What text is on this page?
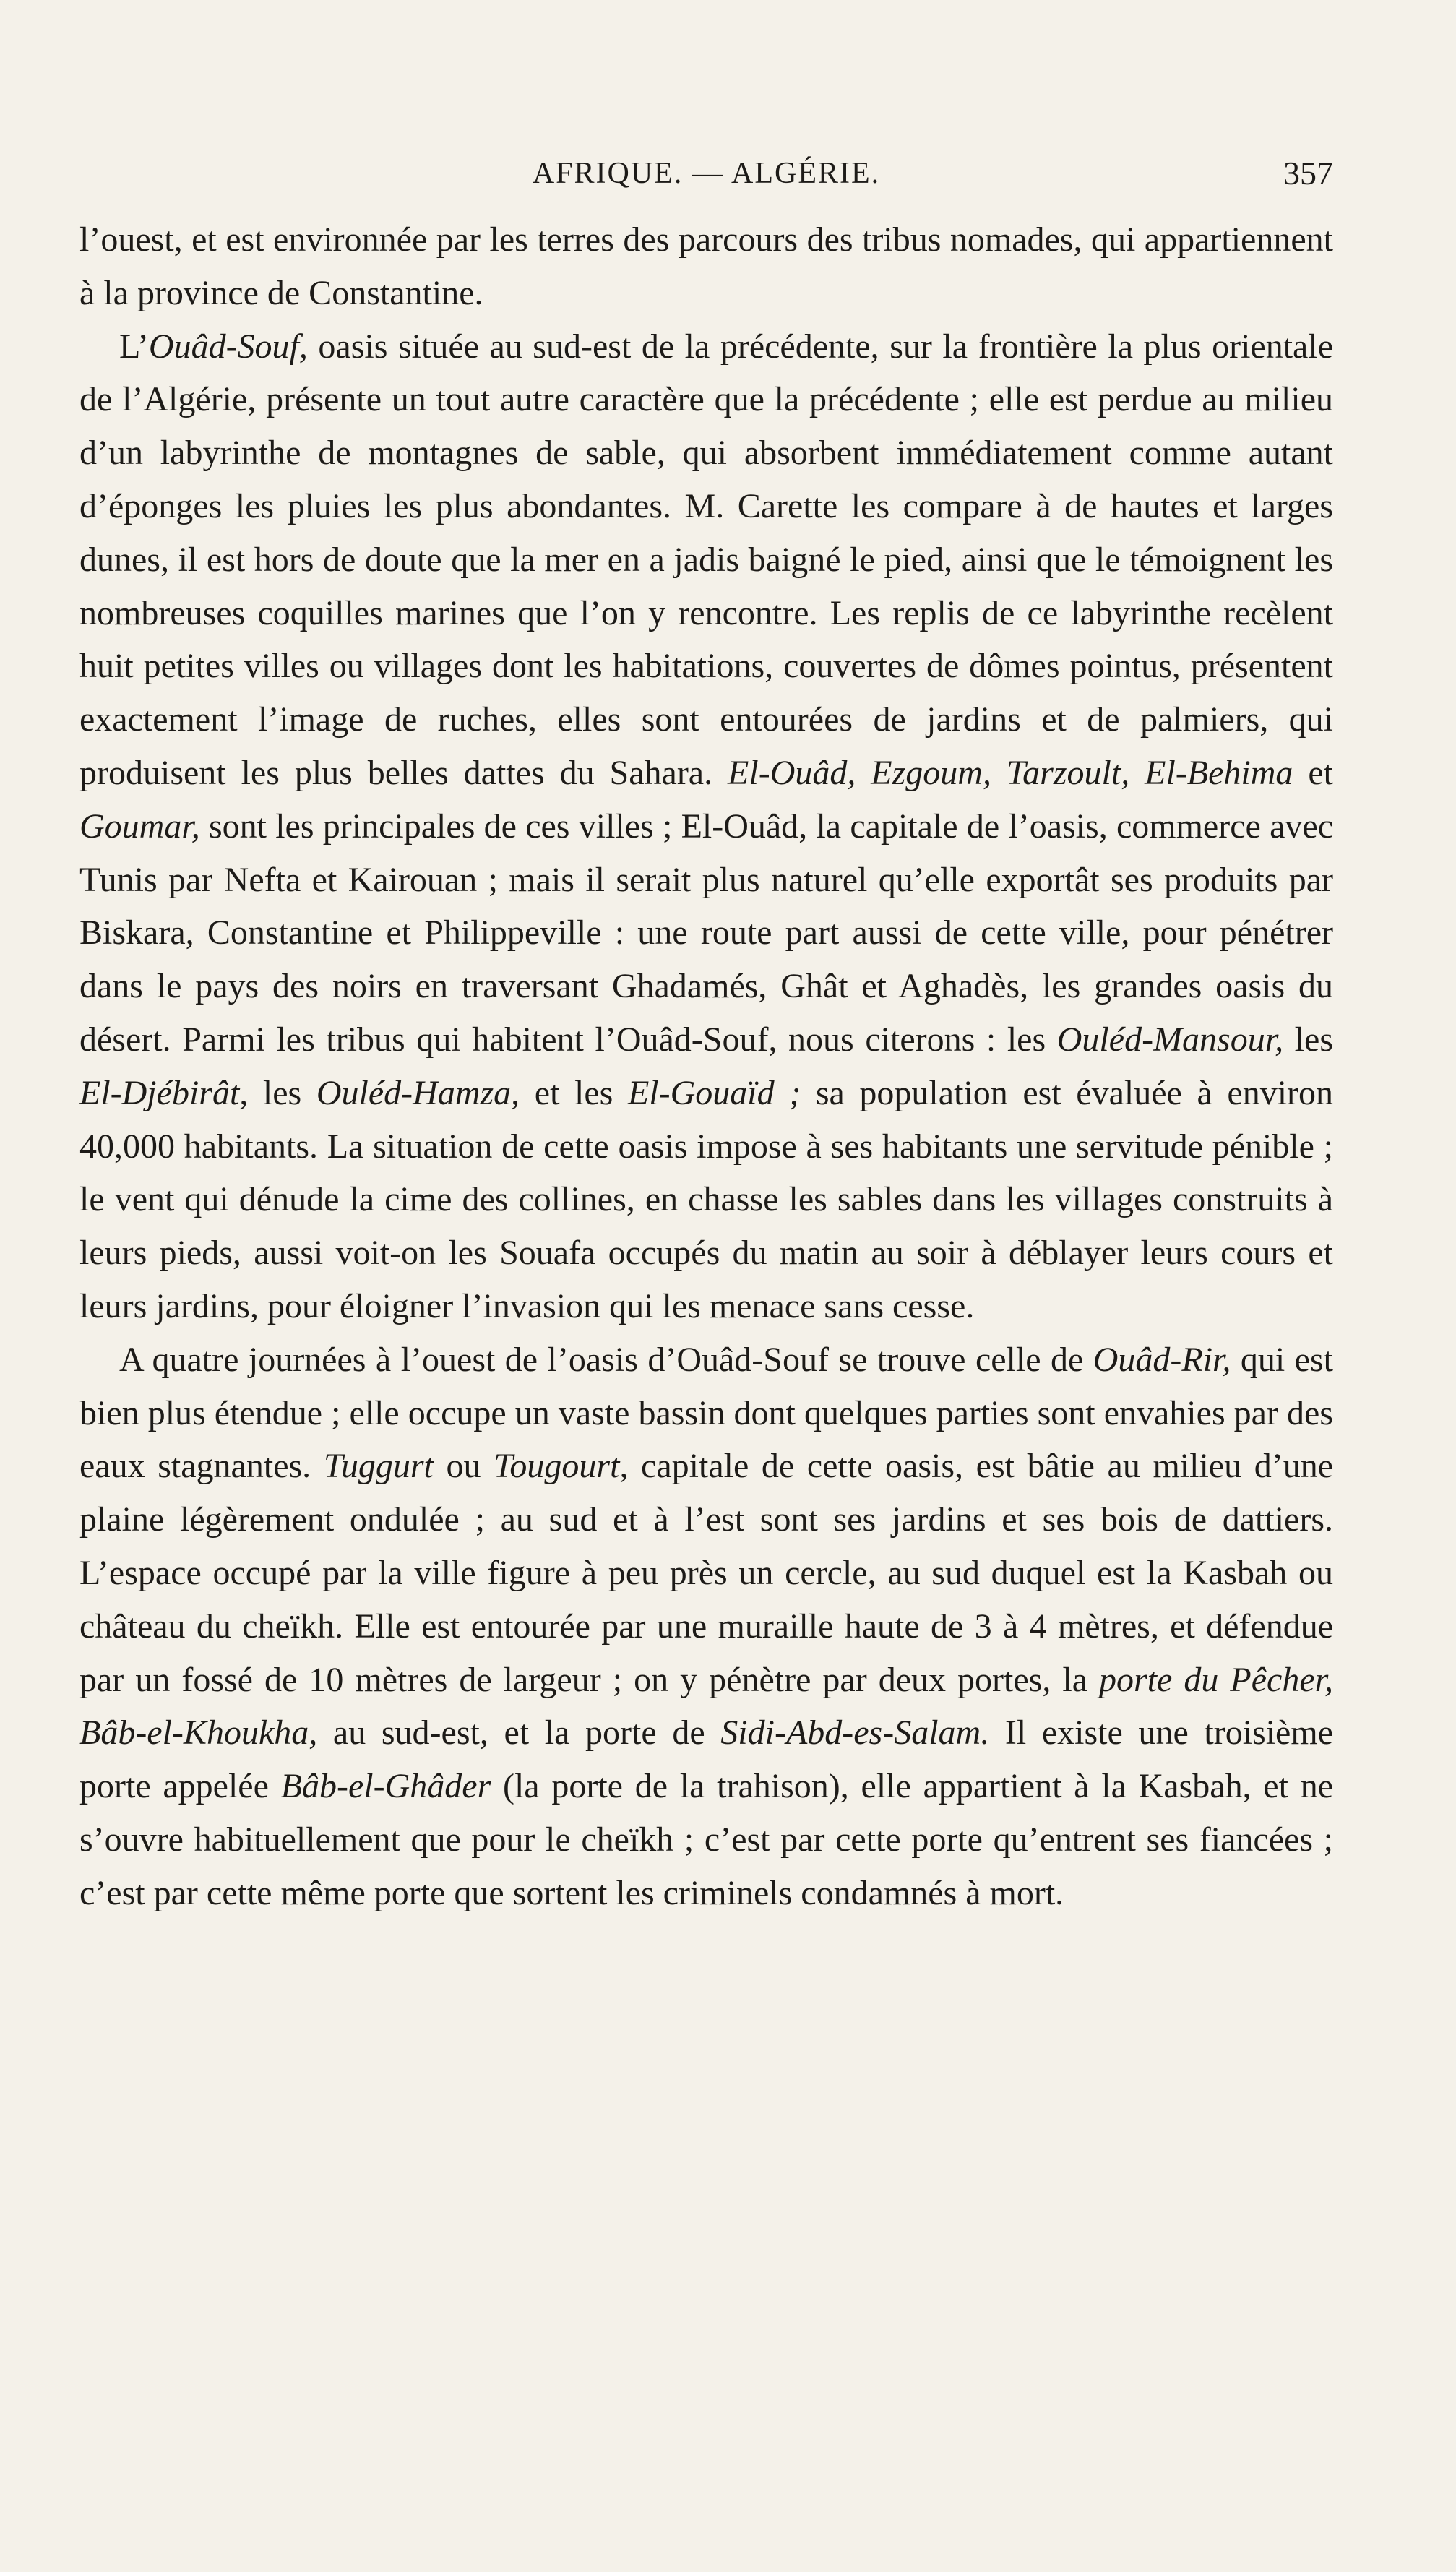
AFRIQUE. — ALGÉRIE.	357

l’ouest, et est environnée par les terres des parcours des tribus nomades, qui appartiennent à la province de Constantine.

L’Ouâd-Souf, oasis située au sud-est de la précédente, sur la frontière la plus orientale de l’Algérie, présente un tout autre caractère que la précédente ; elle est perdue au milieu d’un labyrinthe de montagnes de sable, qui absorbent immédiatement comme autant d’éponges les pluies les plus abondantes. M. Carette les compare à de hautes et larges dunes, il est hors de doute que la mer en a jadis baigné le pied, ainsi que le témoignent les nombreuses coquilles marines que l’on y rencontre. Les replis de ce labyrinthe recèlent huit petites villes ou villages dont les habitations, couvertes de dômes pointus, présentent exactement l’image de ruches, elles sont entourées de jardins et de palmiers, qui produisent les plus belles dattes du Sahara. El-Ouâd, Ezgoum, Tarzoult, El-Behima et Goumar, sont les principales de ces villes ; El-Ouâd, la capitale de l’oasis, commerce avec Tunis par Nefta et Kairouan ; mais il serait plus naturel qu’elle exportât ses produits par Biskara, Constantine et Philippeville : une route part aussi de cette ville, pour pénétrer dans le pays des noirs en traversant Ghadamés, Ghât et Aghadès, les grandes oasis du désert. Parmi les tribus qui habitent l’Ouâd-Souf, nous citerons : les Ouléd-Mansour, les El-Djébirât, les Ouléd-Hamza, et les El-Gouaïd ; sa population est évaluée à environ 40,000 habitants. La situation de cette oasis impose à ses habitants une servitude pénible ; le vent qui dénude la cime des collines, en chasse les sables dans les villages construits à leurs pieds, aussi voit-on les Souafa occupés du matin au soir à déblayer leurs cours et leurs jardins, pour éloigner l’invasion qui les menace sans cesse.

A quatre journées à l’ouest de l’oasis d’Ouâd-Souf se trouve celle de Ouâd-Rir, qui est bien plus étendue ; elle occupe un vaste bassin dont quelques parties sont envahies par des eaux stagnantes. Tuggurt ou Tougourt, capitale de cette oasis, est bâtie au milieu d’une plaine légèrement ondulée ; au sud et à l’est sont ses jardins et ses bois de dattiers. L’espace occupé par la ville figure à peu près un cercle, au sud duquel est la Kasbah ou château du cheïkh. Elle est entourée par une muraille haute de 3 à 4 mètres, et défendue par un fossé de 10 mètres de largeur ; on y pénètre par deux portes, la porte du Pêcher, Bâb-el-Khoukha, au sud-est, et la porte de Sidi-Abd-es-Salam. Il existe une troisième porte appelée Bâb-el-Ghâder (la porte de la trahison), elle appartient à la Kasbah, et ne s’ouvre habituellement que pour le cheïkh ; c’est par cette porte qu’entrent ses fiancées ; c’est par cette même porte que sortent les criminels condamnés à mort.
